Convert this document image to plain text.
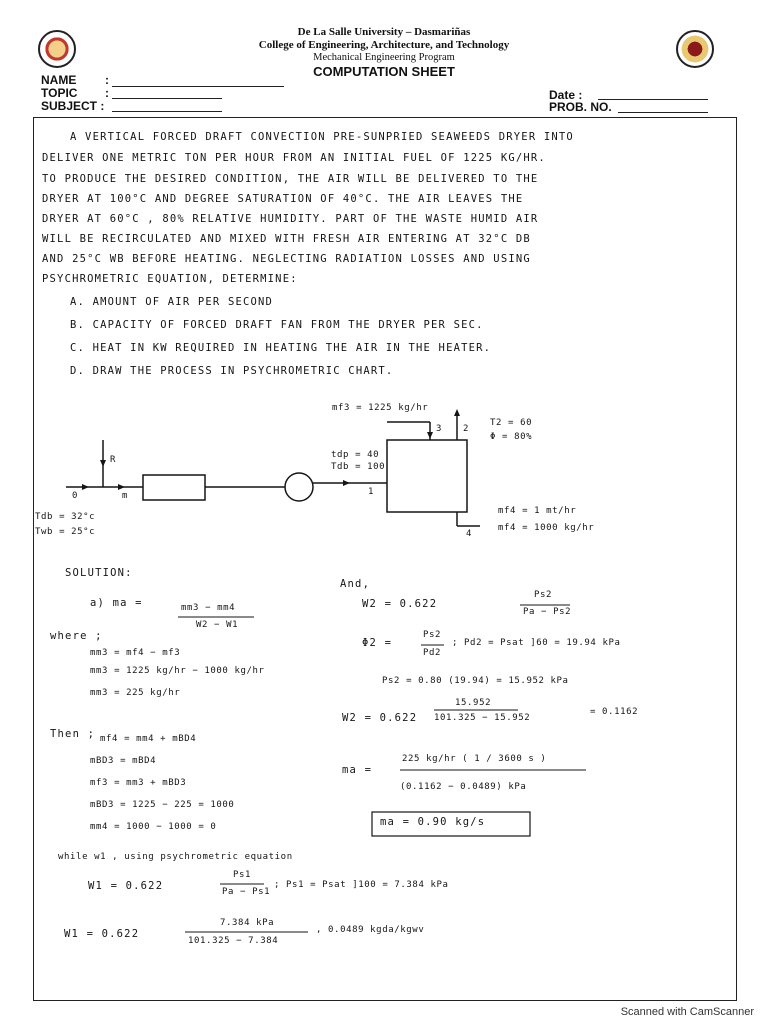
De La Salle University – Dasmariñas
College of Engineering, Architecture, and Technology
Mechanical Engineering Program
COMPUTATION SHEET
NAME :
TOPIC :
SUBJECT :
Date :
PROB. NO.
A VERTICAL FORCED DRAFT CONVECTION PRE-SUNPRIED SEAWEEDS DRYER INTO
DELIVER ONE METRIC TON PER HOUR FROM AN INITIAL FUEL OF 1225 KG/HR.
TO PRODUCE THE DESIRED CONDITION, THE AIR WILL BE DELIVERED TO THE
DRYER AT 100°C AND DEGREE SATURATION OF 40°C. THE AIR LEAVES THE
DRYER AT 60°C , 80% RELATIVE HUMIDITY. PART OF THE WASTE HUMID AIR
WILL BE RECIRCULATED AND MIXED WITH FRESH AIR ENTERING AT 32°C DB
AND 25°C WB BEFORE HEATING. NEGLECTING RADIATION LOSSES AND USING
PSYCHROMETRIC EQUATION, DETERMINE:
A. AMOUNT OF AIR PER SECOND
B. CAPACITY OF FORCED DRAFT FAN FROM THE DRYER PER SEC.
C. HEAT IN KW REQUIRED IN HEATING THE AIR IN THE HEATER.
D. DRAW THE PROCESS IN PSYCHROMETRIC CHART.
mf3 = 1225 kg/hr
3 2
T2 = 60
Φ = 80%
tdp = 40
Tdb = 100
1
R
0	m
Tdb = 32°c
Twb = 25°c	4
mf4 = 1 mt/hr
mf4 = 1000 kg/hr
SOLUTION:
a) ma =	mm3 − mm4
W2 − W1
where ;
mm3 = mf4 − mf3
mm3 = 1225 kg/hr − 1000 kg/hr
mm3 = 225 kg/hr
Then ; mf4 = mm4 + mBD4
mBD3 = mBD4
mf3 = mm3 + mBD3
mBD3 = 1225 − 225 = 1000
mm4 = 1000 − 1000 = 0
And,
W2 = 0.622
Ps2
Pa − Ps2
Φ2 =
Ps2
Pd2
; Pd2 = Psat ]60 = 19.94 kPa
Ps2 = 0.80 (19.94) = 15.952 kPa
W2 = 0.622
15.952
101.325 − 15.952
= 0.1162
ma =
225 kg/hr ( 1 / 3600 s )
(0.1162 − 0.0489) kPa
ma = 0.90 kg/s
while w1 , using psychrometric equation
W1 = 0.622
Ps1
Pa − Ps1
; Ps1 = Psat ]100 = 7.384 kPa
W1 = 0.622
7.384 kPa
101.325 − 7.384
, 0.0489 kgda/kgwv
Scanned with CamScanner
